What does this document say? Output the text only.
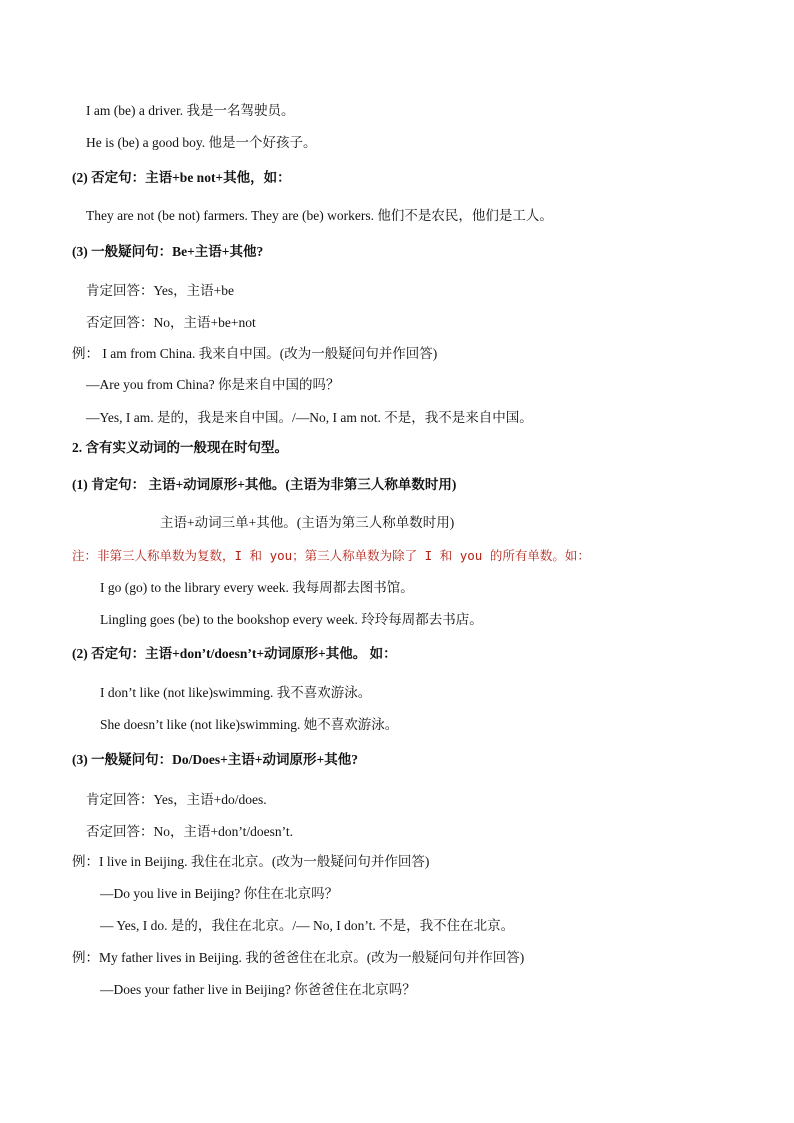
I am (be) a driver. 我是一名驾驶员。
He is (be) a good boy. 他是一个好孩子。
(2) 否定句：主语+be not+其他，如：
They are not (be not) farmers. They are (be) workers. 他们不是农民，他们是工人。
(3) 一般疑问句：Be+主语+其他?
肯定回答：Yes，主语+be
否定回答：No，主语+be+not
例： I am from China. 我来自中国。(改为一般疑问句并作回答)
—Are you from China? 你是来自中国的吗？
—Yes, I am. 是的，我是来自中国。/—No, I am not. 不是，我不是来自中国。
2. 含有实义动词的一般现在时句型。
(1) 肯定句： 主语+动词原形+其他。(主语为非第三人称单数时用)
主语+动词三单+其他。(主语为第三人称单数时用)
注：非第三人称单数为复数，I 和 you；第三人称单数为除了 I 和 you 的所有单数。如：
I go (go) to the library every week. 我每周都去图书馆。
Lingling goes (be) to the bookshop every week. 玲玲每周都去书店。
(2) 否定句：主语+don’t/doesn’t+动词原形+其他。 如：
I don’t like (not like)swimming. 我不喜欢游泳。
She doesn’t like (not like)swimming. 她不喜欢游泳。
(3) 一般疑问句：Do/Does+主语+动词原形+其他?
肯定回答：Yes，主语+do/does.
否定回答：No，主语+don’t/doesn’t.
例：I live in Beijing. 我住在北京。(改为一般疑问句并作回答)
—Do you live in Beijing? 你住在北京吗？
— Yes, I do. 是的，我住在北京。/— No, I don’t. 不是，我不住在北京。
例：My father lives in Beijing. 我的爸爸住在北京。(改为一般疑问句并作回答)
—Does your father live in Beijing? 你爸爸住在北京吗？
